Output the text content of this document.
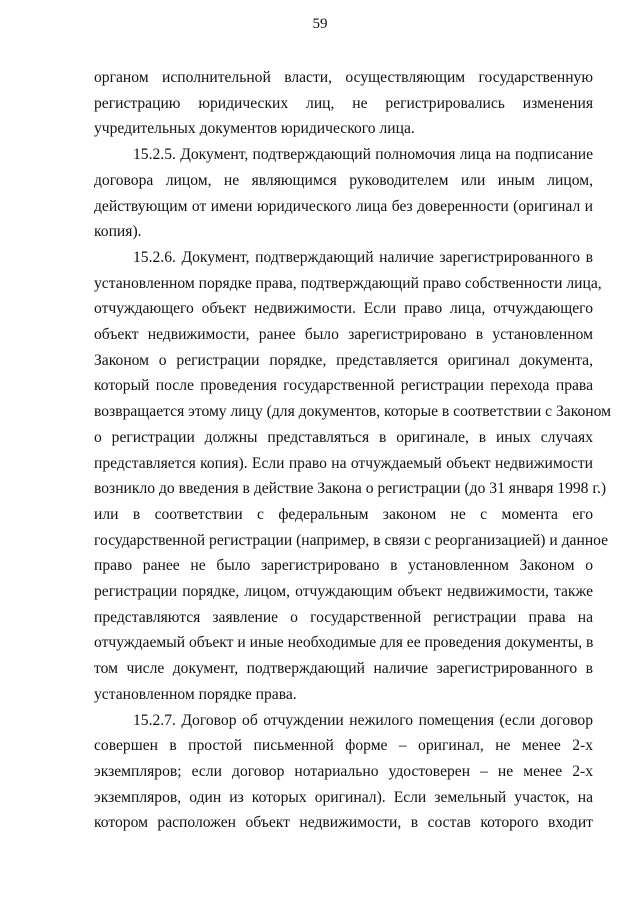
59
органом исполнительной власти, осуществляющим государственную
регистрацию юридических лиц, не регистрировались изменения
учредительных документов юридического лица.
15.2.5. Документ, подтверждающий полномочия лица на подписание
договора лицом, не являющимся руководителем или иным лицом,
действующим от имени юридического лица без доверенности (оригинал и
копия).
15.2.6. Документ, подтверждающий наличие зарегистрированного в
установленном порядке права, подтверждающий право собственности лица,
отчуждающего объект недвижимости. Если право лица, отчуждающего
объект недвижимости, ранее было зарегистрировано в установленном
Законом о регистрации порядке, представляется оригинал документа,
который после проведения государственной регистрации перехода права
возвращается этому лицу (для документов, которые в соответствии с Законом
о регистрации должны представляться в оригинале, в иных случаях
представляется копия). Если право на отчуждаемый объект недвижимости
возникло до введения в действие Закона о регистрации (до 31 января 1998 г.)
или в соответствии с федеральным законом не с момента его
государственной регистрации (например, в связи с реорганизацией) и данное
право ранее не было зарегистрировано в установленном Законом о
регистрации порядке, лицом, отчуждающим объект недвижимости, также
представляются заявление о государственной регистрации права на
отчуждаемый объект и иные необходимые для ее проведения документы, в
том числе документ, подтверждающий наличие зарегистрированного в
установленном порядке права.
15.2.7. Договор об отчуждении нежилого помещения (если договор
совершен в простой письменной форме – оригинал, не менее 2-х
экземпляров; если договор нотариально удостоверен – не менее 2-х
экземпляров, один из которых оригинал). Если земельный участок, на
котором расположен объект недвижимости, в состав которого входит
